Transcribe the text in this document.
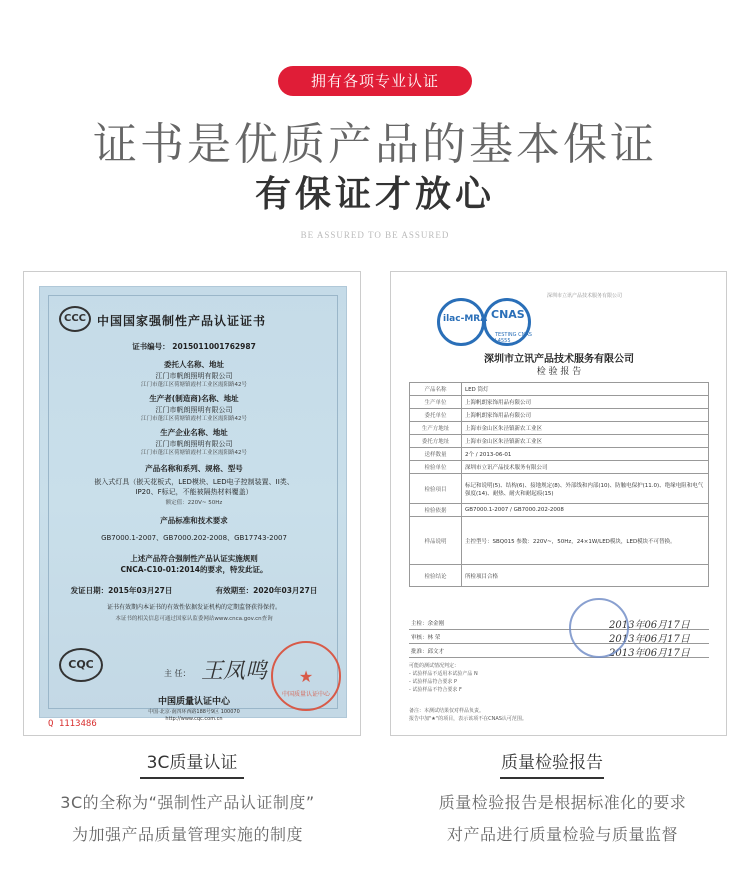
拥有各项专业认证
证书是优质产品的基本保证
有保证才放心
BE ASSURED TO BE ASSURED
CCC 中国国家强制性产品认证证书
证书编号： 2015011001762987
委托人名称、地址
江门市帆朗照明有限公司
江门市蓬江区荷塘镇霞村工业区霞阳路42号
生产者(制造商)名称、地址
江门市帆朗照明有限公司
江门市蓬江区荷塘镇霞村工业区霞阳路42号
生产企业名称、地址
江门市帆朗照明有限公司
江门市蓬江区荷塘镇霞村工业区霞阳路42号
产品名称和系列、规格、型号
嵌入式灯具（嵌天花板式，LED模块、LED电子控制装置、II类、
IP20、F标记，不能被隔热材料覆盖）
额定值：220V~ 50Hz
产品标准和技术要求
GB7000.1-2007、GB7000.202-2008、GB17743-2007
上述产品符合强制性产品认证实施规则
CNCA-C10-01:2014的要求，特发此证。
发证日期：2015年03月27日	有效期至：2020年03月27日
证书有效期内本证书的有效性依据发证机构的定期监督获得保持。
本证书的相关信息可通过国家认监委网站www.cnca.gov.cn查询
CQC
主 任： 王凤鸣	★
中国质量认证中心
中国质量认证中心
中国·北京·南四环西路188号9区 100070
http://www.cqc.com.cn
Q 1113486
深圳市立讯产品技术服务有限公司
ilac-MRA CNAS
TESTING CNAS L4555
深圳市立讯产品技术服务有限公司
检 验 报 告
产品名称	LED 筒灯
生产单位	上海帆朗家饰用品有限公司
委托单位	上海帆朗家饰用品有限公司
生产方地址	上海市金山区朱泾镇新农工业区
委托方地址	上海市金山区朱泾镇新农工业区
送样数量	2个 / 2013-06-01
检验单位	深圳市立讯产品技术服务有限公司
检验项目	标记和说明(5)、结构(6)、接地规定(8)、外部线和内部(10)、防触电保护(11.0)、绝缘电阻和电气强度(14)、耐热、耐火和耐起痕(15)
检验依据	GB7000.1-2007 / GB7000.202-2008
样品说明	主控型号：SBQ015 参数：220V~，50Hz，24×1W/LED模块，LED模块不可替换。
检验结论	所检项目合格
主检：余金刚	2013年06月17日
审核：林 荣	2013年06月17日
批准：邱文才	2013年06月17日
可能的测试情况判定：
- 试验样品不适用本试验产品 N
- 试验样品符合要求 P
- 试验样品不符合要求 F
备注：本测试结果仅对样品负责。
报告中加"★"的项目，表示该项不在CNAS认可范围。
3C质量认证	质量检验报告
3C的全称为“强制性产品认证制度”
为加强产品质量管理实施的制度
质量检验报告是根据标准化的要求
对产品进行质量检验与质量监督
